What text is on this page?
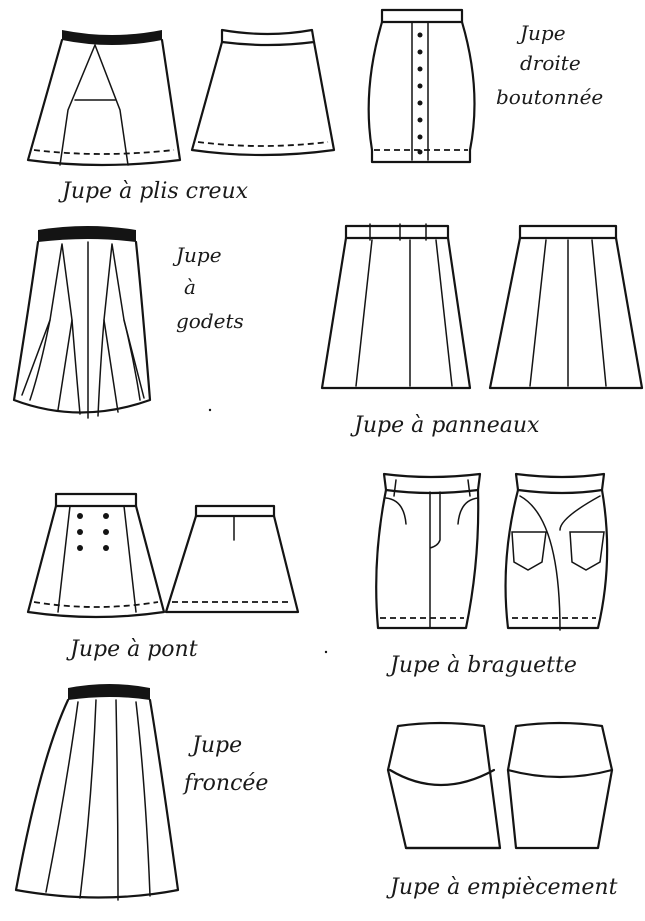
Jupe à plis creux
Jupe
droite
boutonnée
Jupe
à
godets
Jupe à panneaux
Jupe à pont
Jupe à braguette
Jupe
froncée
Jupe à empiècement
